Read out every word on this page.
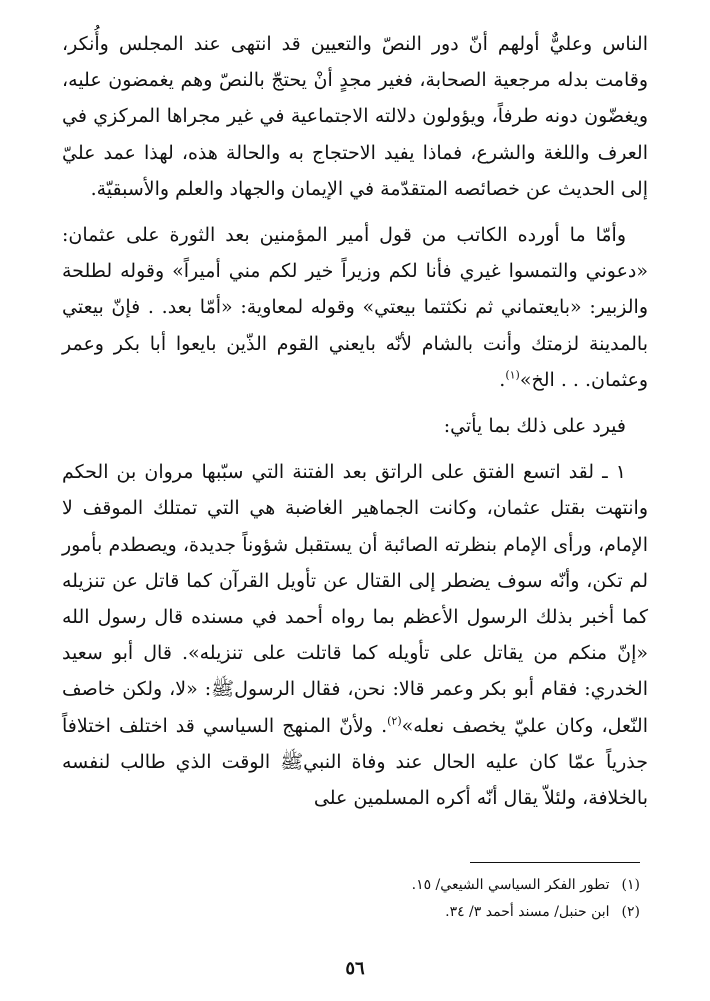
الناس وعليٌّ أولهم أنّ دور النصّ والتعيين قد انتهى عند المجلس وأُنكر، وقامت بدله مرجعية الصحابة، فغير مجدٍ أنْ يحتجّ بالنصّ وهم يغمضون عليه، ويغضّون دونه طرفاً، ويؤولون دلالته الاجتماعية في غير مجراها المركزي في العرف واللغة والشرع، فماذا يفيد الاحتجاج به والحالة هذه، لهذا عمد عليّ إلى الحديث عن خصائصه المتقدّمة في الإيمان والجهاد والعلم والأسبقيّة.

وأمّا ما أورده الكاتب من قول أمير المؤمنين بعد الثورة على عثمان: «دعوني والتمسوا غيري فأنا لكم وزيراً خير لكم مني أميراً» وقوله لطلحة والزبير: «بايعتماني ثم نكثتما بيعتي» وقوله لمعاوية: «أمّا بعد. . فإنّ بيعتي بالمدينة لزمتك وأنت بالشام لأنّه بايعني القوم الذّين بايعوا أبا بكر وعمر وعثمان. . . الخ»$^{(١)}$.

فيرد على ذلك بما يأتي:

١ ـ لقد اتسع الفتق على الراتق بعد الفتنة التي سبّبها مروان بن الحكم وانتهت بقتل عثمان، وكانت الجماهير الغاضبة هي التي تمتلك الموقف لا الإمام، ورأى الإمام بنظرته الصائبة أن يستقبل شؤوناً جديدة، ويصطدم بأمور لم تكن، وأنّه سوف يضطر إلى القتال عن تأويل القرآن كما قاتل عن تنزيله كما أخبر بذلك الرسول الأعظم بما رواه أحمد في مسنده قال رسول الله «إنّ منكم من يقاتل على تأويله كما قاتلت على تنزيله». قال أبو سعيد الخدري: فقام أبو بكر وعمر قالا: نحن، فقال الرسولﷺ: «لا، ولكن خاصف النّعل، وكان عليّ يخصف نعله»$^{(٢)}$. ولأنّ المنهج السياسي قد اختلف اختلافاً جذرياً عمّا كان عليه الحال عند وفاة النبيﷺ الوقت الذي طالب لنفسه بالخلافة، ولئلاّ يقال أنّه أكره المسلمين على

(١)تطور الفكر السياسي الشيعي/ ١٥.
(٢)ابن حنبل/ مسند أحمد ٣/ ٣٤.
٥٦
